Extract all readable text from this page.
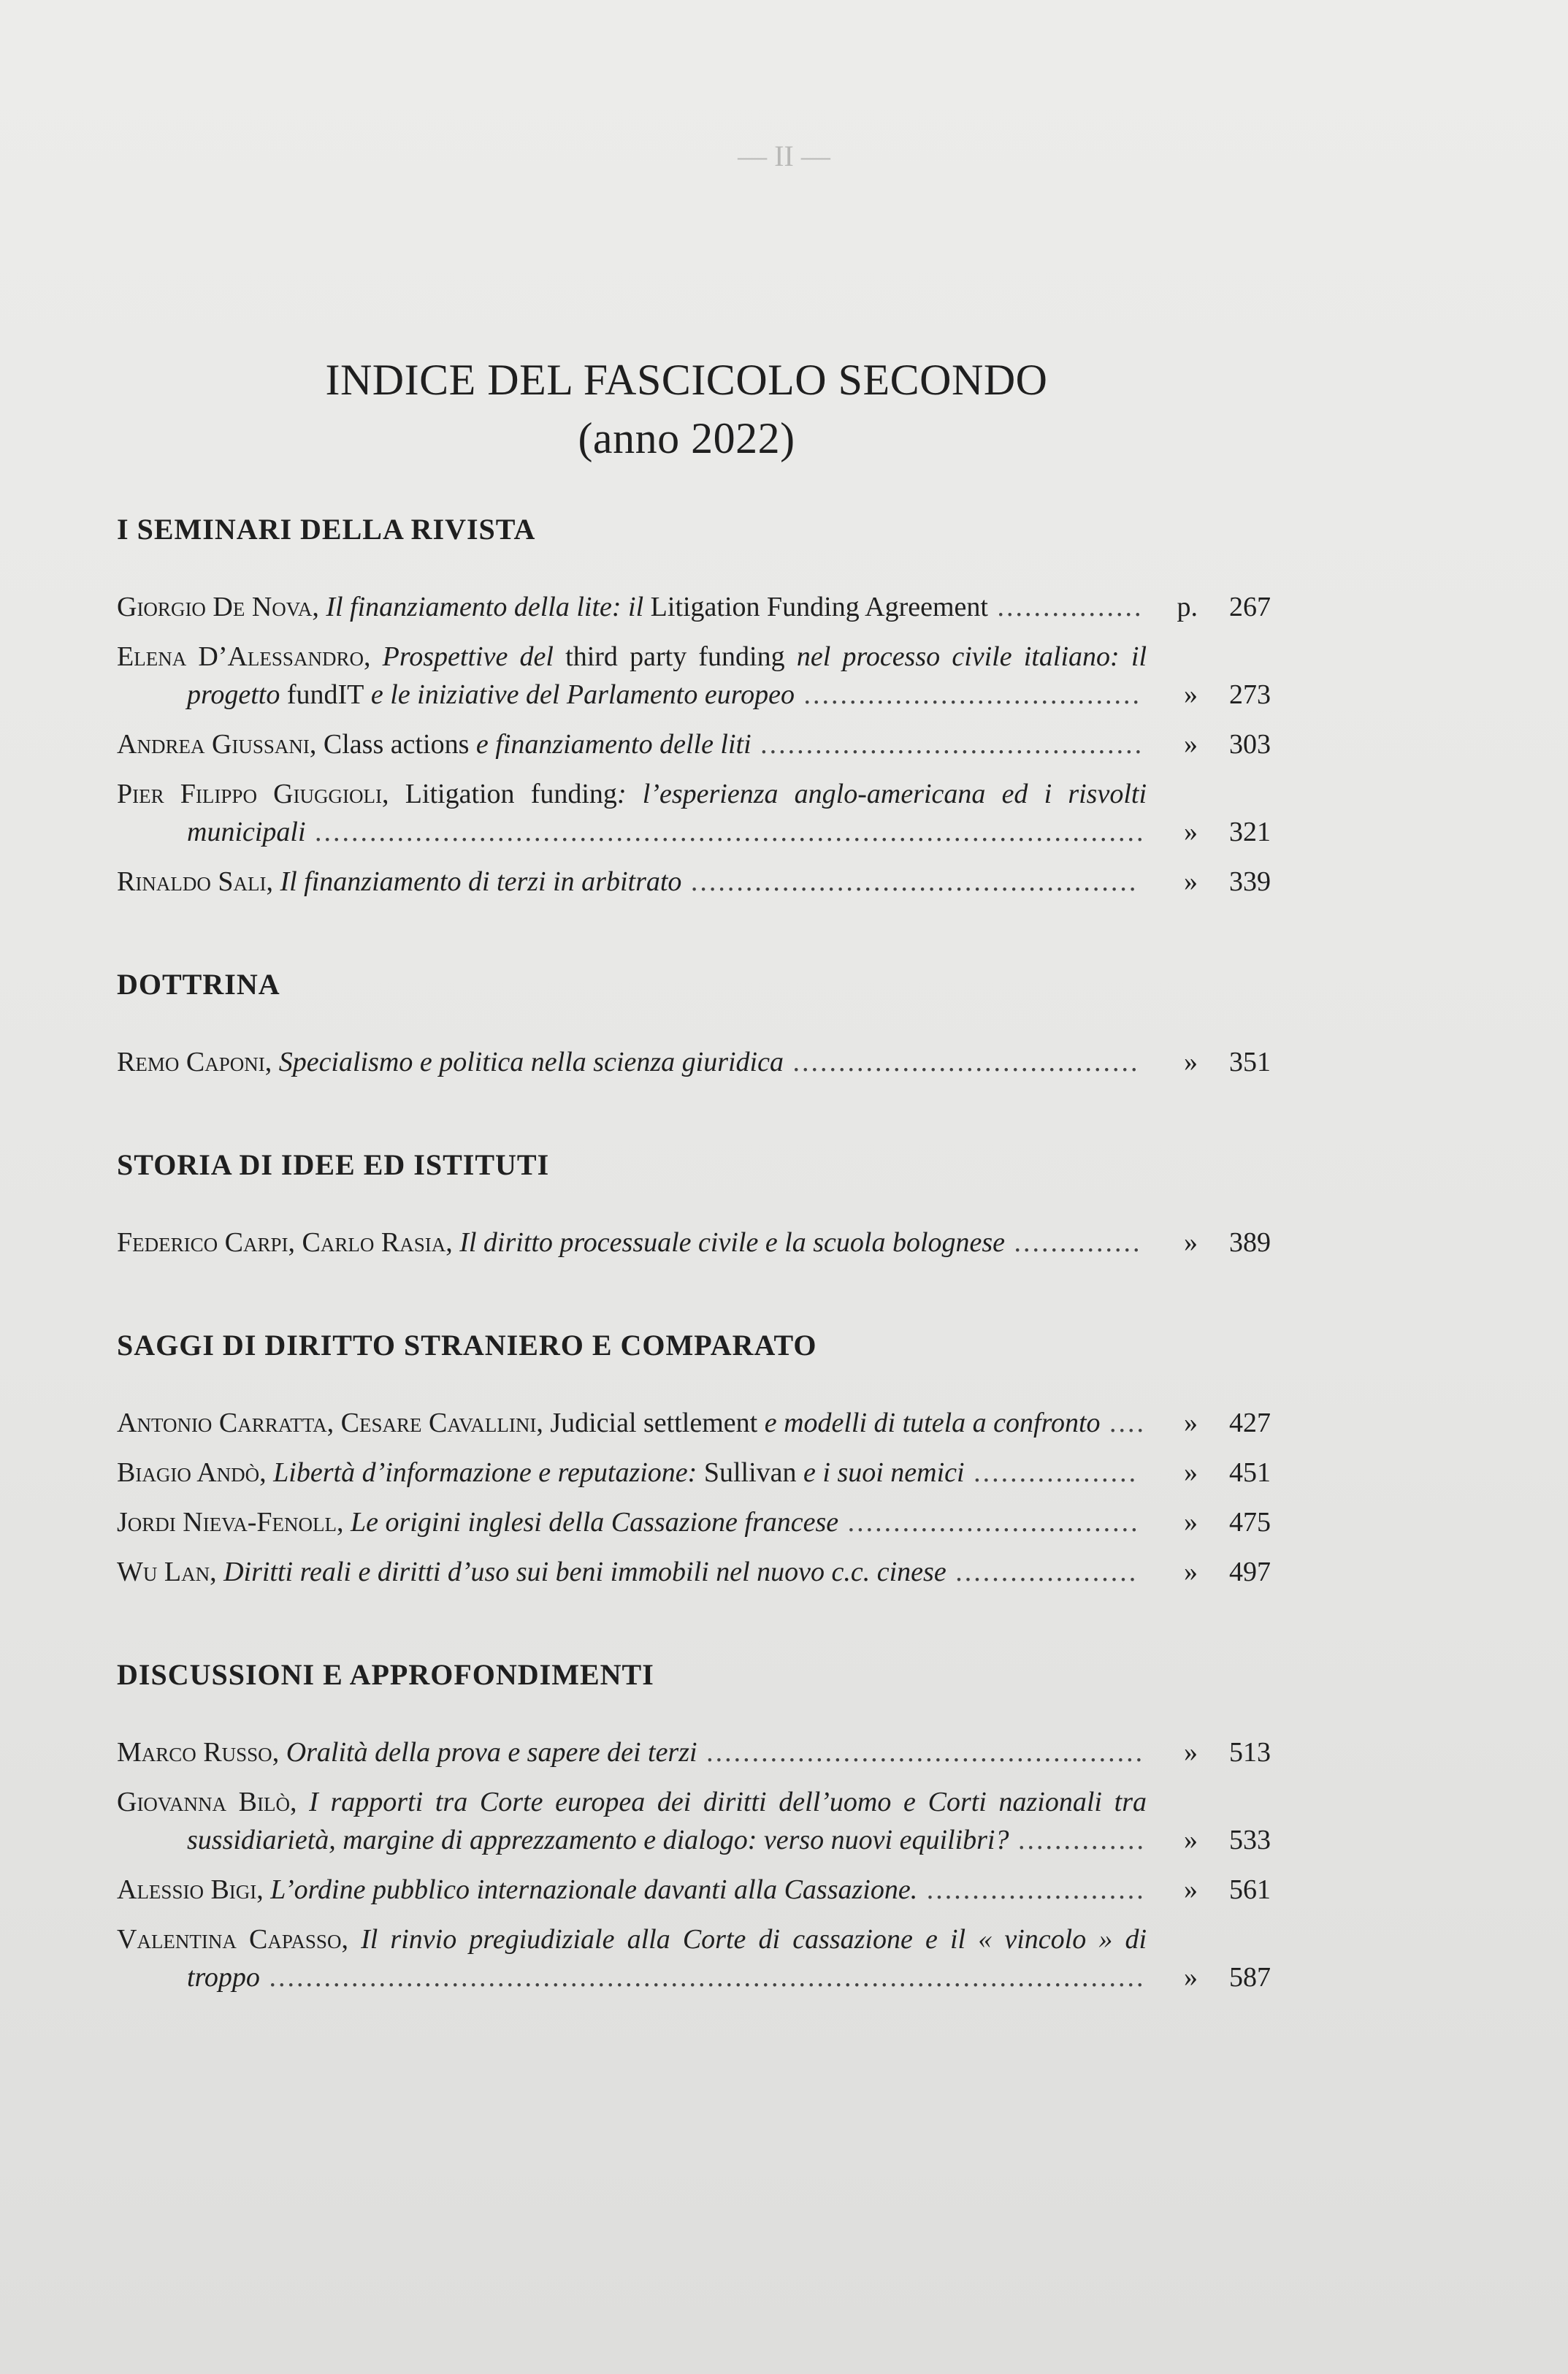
— II —
INDICE DEL FASCICOLO SECONDO
(anno 2022)
I SEMINARI DELLA RIVISTA
Giorgio De Nova, Il finanziamento della lite: il Litigation Funding Agreement ................	p.	267
Elena D’Alessandro, Prospettive del third party funding nel processo civile italiano: il progetto fundIT e le iniziative del Parlamento europeo .....................................	»	273
Andrea Giussani, Class actions e finanziamento delle liti ..........................................	»	303
Pier Filippo Giuggioli, Litigation funding: l’esperienza anglo-americana ed i risvolti municipali ...........................................................................................	»	321
Rinaldo Sali, Il finanziamento di terzi in arbitrato .................................................	»	339
DOTTRINA
Remo Caponi, Specialismo e politica nella scienza giuridica ......................................	»	351
STORIA DI IDEE ED ISTITUTI
Federico Carpi, Carlo Rasia, Il diritto processuale civile e la scuola bolognese ..............	»	389
SAGGI DI DIRITTO STRANIERO E COMPARATO
Antonio Carratta, Cesare Cavallini, Judicial settlement e modelli di tutela a confronto ....	»	427
Biagio Andò, Libertà d’informazione e reputazione: Sullivan e i suoi nemici ..................	»	451
Jordi Nieva-Fenoll, Le origini inglesi della Cassazione francese ................................	»	475
Wu Lan, Diritti reali e diritti d’uso sui beni immobili nel nuovo c.c. cinese ....................	»	497
DISCUSSIONI E APPROFONDIMENTI
Marco Russo, Oralità della prova e sapere dei terzi ................................................	»	513
Giovanna Bilò, I rapporti tra Corte europea dei diritti dell’uomo e Corti nazionali tra sussidiarietà, margine di apprezzamento e dialogo: verso nuovi equilibri? ..............	»	533
Alessio Bigi, L’ordine pubblico internazionale davanti alla Cassazione. ........................	»	561
Valentina Capasso, Il rinvio pregiudiziale alla Corte di cassazione e il « vincolo » di troppo ................................................................................................	»	587
